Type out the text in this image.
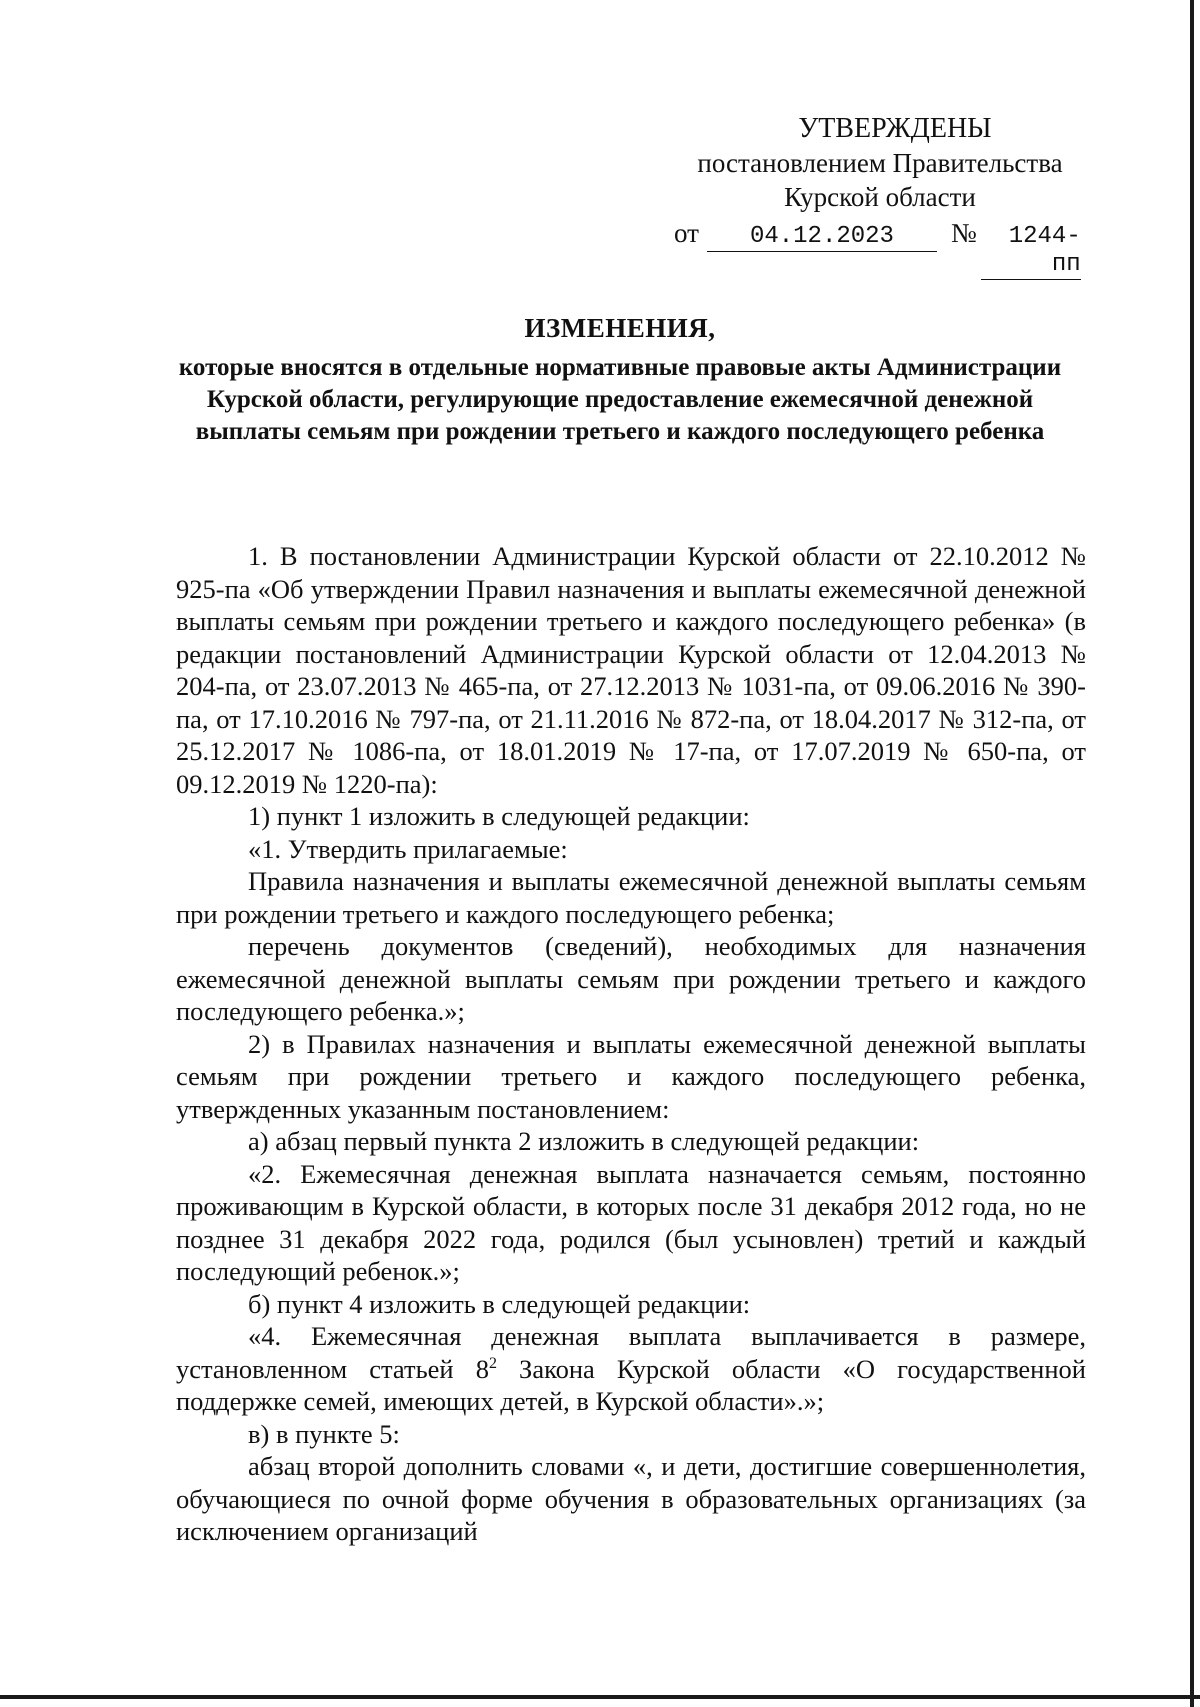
УТВЕРЖДЕНЫ
постановлением Правительства
Курской области
от	04.12.2023	№	1244-пп
ИЗМЕНЕНИЯ,
которые вносятся в отдельные нормативные правовые акты Администрации Курской области, регулирующие предоставление ежемесячной денежной выплаты семьям при рождении третьего и каждого последующего ребенка

1. В постановлении Администрации Курской области от 22.10.2012 № 925-па «Об утверждении Правил назначения и выплаты ежемесячной денежной выплаты семьям при рождении третьего и каждого последующего ребенка» (в редакции постановлений Администрации Курской области от 12.04.2013 № 204-па, от 23.07.2013 № 465-па, от 27.12.2013 № 1031-па, от 09.06.2016 № 390-па, от 17.10.2016 № 797-па, от 21.11.2016 № 872-па, от 18.04.2017 № 312-па, от 25.12.2017 № 1086-па, от 18.01.2019 № 17-па, от 17.07.2019 № 650-па, от 09.12.2019 № 1220-па):

1) пункт 1 изложить в следующей редакции:

«1. Утвердить прилагаемые:

Правила назначения и выплаты ежемесячной денежной выплаты семьям при рождении третьего и каждого последующего ребенка;

перечень документов (сведений), необходимых для назначения ежемесячной денежной выплаты семьям при рождении третьего и каждого последующего ребенка.»;

2) в Правилах назначения и выплаты ежемесячной денежной выплаты семьям при рождении третьего и каждого последующего ребенка, утвержденных указанным постановлением:

а) абзац первый пункта 2 изложить в следующей редакции:

«2. Ежемесячная денежная выплата назначается семьям, постоянно проживающим в Курской области, в которых после 31 декабря 2012 года, но не позднее 31 декабря 2022 года, родился (был усыновлен) третий и каждый последующий ребенок.»;

б) пункт 4 изложить в следующей редакции:

«4. Ежемесячная денежная выплата выплачивается в размере, установленном статьей $8^2$ Закона Курской области «О государственной поддержке семей, имеющих детей, в Курской области».»;

в) в пункте 5:

абзац второй дополнить словами «, и дети, достигшие совершеннолетия, обучающиеся по очной форме обучения в образовательных организациях (за исключением организаций
